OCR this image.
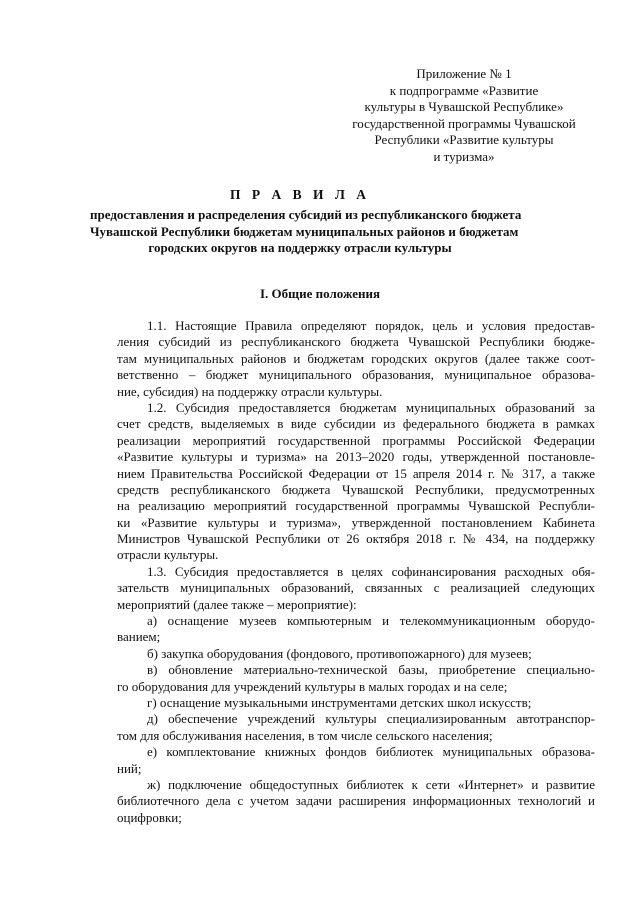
Приложение № 1
к подпрограмме «Развитие
культуры в Чувашской Республике»
государственной программы Чувашской
Республики «Развитие культуры
и туризма»
П Р А В И Л А
предоставления и распределения субсидий из республиканского бюджета
Чувашской Республики бюджетам муниципальных районов и бюджетам
городских округов на поддержку отрасли культуры
I. Общие положения
1.1. Настоящие Правила определяют порядок, цель и условия предостав-
ления субсидий из республиканского бюджета Чувашской Республики бюдже-
там муниципальных районов и бюджетам городских округов (далее также соот-
ветственно – бюджет муниципального образования, муниципальное образова-
ние, субсидия) на поддержку отрасли культуры.
1.2. Субсидия предоставляется бюджетам муниципальных образований за
счет средств, выделяемых в виде субсидии из федерального бюджета в рамках
реализации мероприятий государственной программы Российской Федерации
«Развитие культуры и туризма» на 2013–2020 годы, утвержденной постановле-
нием Правительства Российской Федерации от 15 апреля 2014 г. № 317, а также
средств республиканского бюджета Чувашской Республики, предусмотренных
на реализацию мероприятий государственной программы Чувашской Республи-
ки «Развитие культуры и туризма», утвержденной постановлением Кабинета
Министров Чувашской Республики от 26 октября 2018 г. № 434, на поддержку
отрасли культуры.
1.3. Субсидия предоставляется в целях софинансирования расходных обя-
зательств муниципальных образований, связанных с реализацией следующих
мероприятий (далее также – мероприятие):
а) оснащение музеев компьютерным и телекоммуникационным оборудо-
ванием;
б) закупка оборудования (фондового, противопожарного) для музеев;
в) обновление материально-технической базы, приобретение специально-
го оборудования для учреждений культуры в малых городах и на селе;
г) оснащение музыкальными инструментами детских школ искусств;
д) обеспечение учреждений культуры специализированным автотранспор-
том для обслуживания населения, в том числе сельского населения;
е) комплектование книжных фондов библиотек муниципальных образова-
ний;
ж) подключение общедоступных библиотек к сети «Интернет» и развитие
библиотечного дела с учетом задачи расширения информационных технологий и
оцифровки;
